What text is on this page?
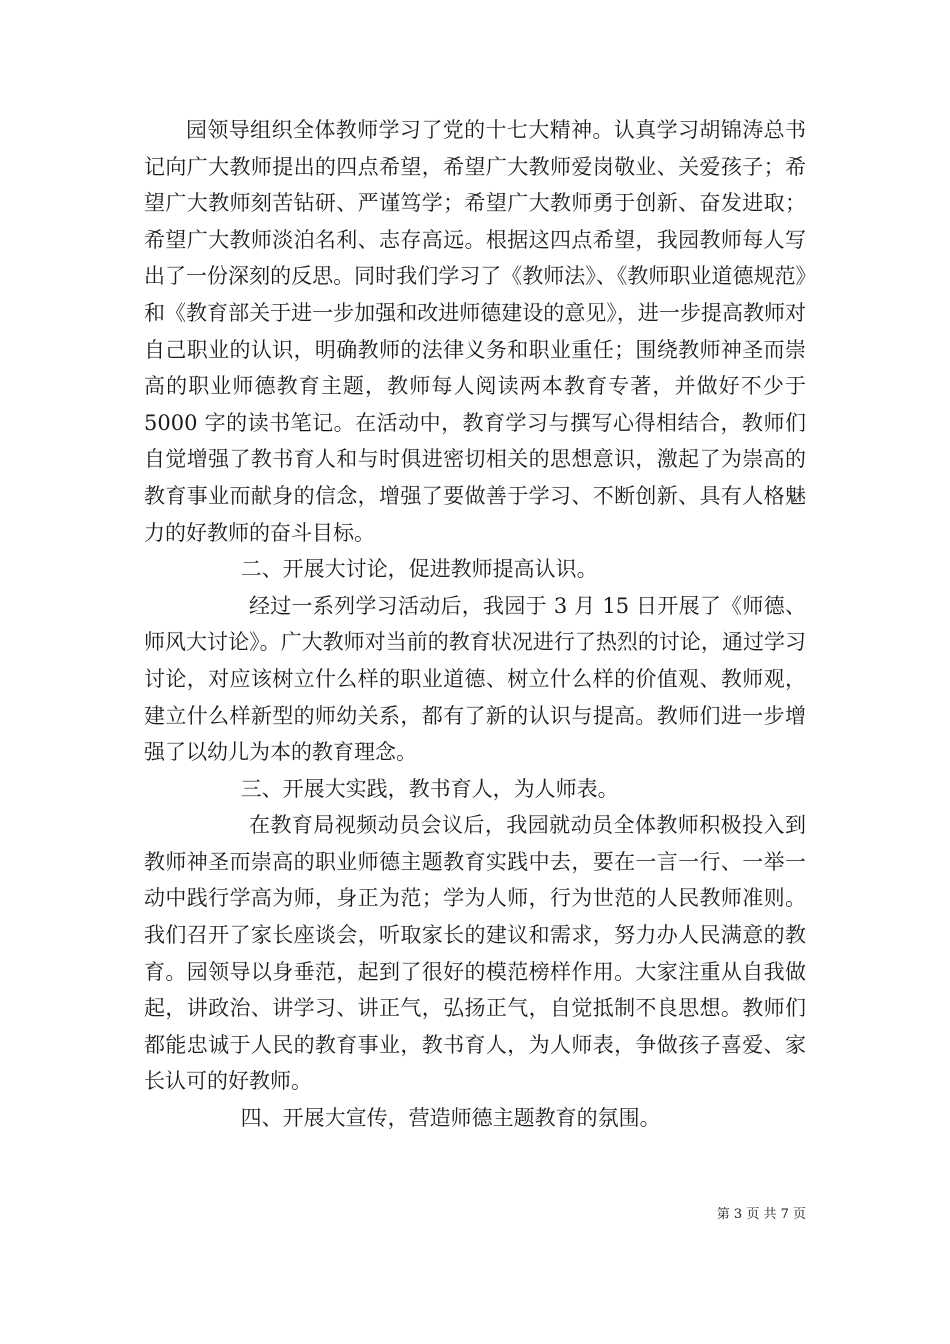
园领导组织全体教师学习了党的十七大精神。认真学习胡锦涛总书记向广大教师提出的四点希望，希望广大教师爱岗敬业、关爱孩子；希望广大教师刻苦钻研、严谨笃学；希望广大教师勇于创新、奋发进取；希望广大教师淡泊名利、志存高远。根据这四点希望，我园教师每人写出了一份深刻的反思。同时我们学习了《教师法》、《教师职业道德规范》和《教育部关于进一步加强和改进师德建设的意见》，进一步提高教师对自己职业的认识，明确教师的法律义务和职业重任；围绕教师神圣而崇高的职业师德教育主题，教师每人阅读两本教育专著，并做好不少于 5000 字的读书笔记。在活动中，教育学习与撰写心得相结合，教师们自觉增强了教书育人和与时俱进密切相关的思想意识，激起了为崇高的教育事业而献身的信念，增强了要做善于学习、不断创新、具有人格魅力的好教师的奋斗目标。

二、开展大讨论，促进教师提高认识。

经过一系列学习活动后，我园于 3 月 15 日开展了《师德、师风大讨论》。广大教师对当前的教育状况进行了热烈的讨论，通过学习讨论，对应该树立什么样的职业道德、树立什么样的价值观、教师观，建立什么样新型的师幼关系，都有了新的认识与提高。教师们进一步增强了以幼儿为本的教育理念。

三、开展大实践，教书育人，为人师表。

在教育局视频动员会议后，我园就动员全体教师积极投入到教师神圣而崇高的职业师德主题教育实践中去，要在一言一行、一举一动中践行学高为师，身正为范；学为人师，行为世范的人民教师准则。我们召开了家长座谈会，听取家长的建议和需求，努力办人民满意的教育。园领导以身垂范，起到了很好的模范榜样作用。大家注重从自我做起，讲政治、讲学习、讲正气，弘扬正气，自觉抵制不良思想。教师们都能忠诚于人民的教育事业，教书育人，为人师表，争做孩子喜爱、家长认可的好教师。

四、开展大宣传，营造师德主题教育的氛围。

第 3 页 共 7 页
